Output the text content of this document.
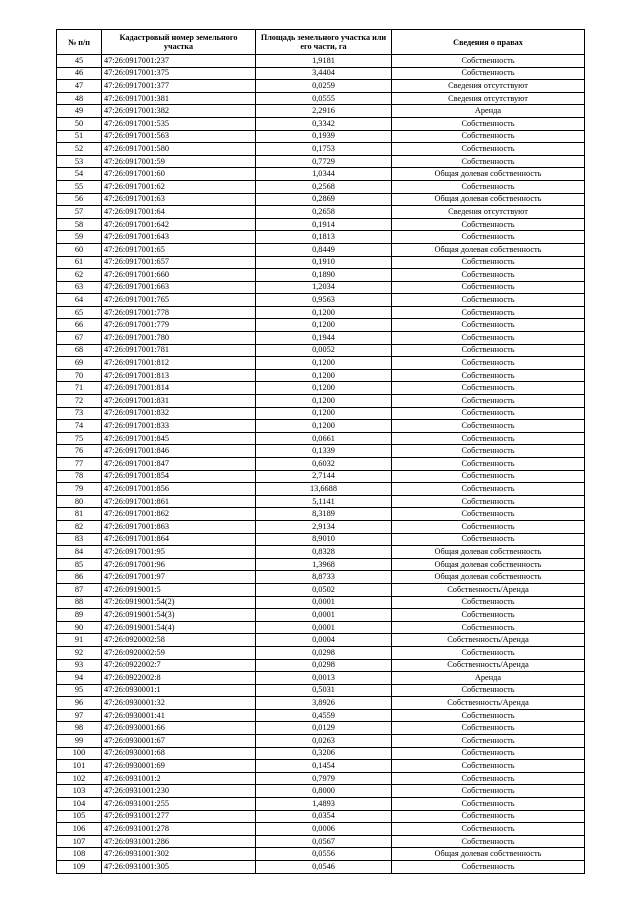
№ п/п	Кадастровый номер земельного участка	Площадь земельного участка или его части, га	Сведения о правах
45	47:26:0917001:237	1,9181	Собственность
46	47:26:0917001:375	3,4404	Собственность
47	47:26:0917001:377	0,0259	Сведения отсутствуют
48	47:26:0917001:381	0,0555	Сведения отсутствуют
49	47:26:0917001:382	2,2916	Аренда
50	47:26:0917001:535	0,3342	Собственность
51	47:26:0917001:563	0,1939	Собственность
52	47:26:0917001:580	0,1753	Собственность
53	47:26:0917001:59	0,7729	Собственность
54	47:26:0917001:60	1,0344	Общая долевая собственность
55	47:26:0917001:62	0,2568	Собственность
56	47:26:0917001:63	0,2869	Общая долевая собственность
57	47:26:0917001:64	0,2658	Сведения отсутствуют
58	47:26:0917001:642	0,1914	Собственность
59	47:26:0917001:643	0,1813	Собственность
60	47:26:0917001:65	0,8449	Общая долевая собственность
61	47:26:0917001:657	0,1910	Собственность
62	47:26:0917001:660	0,1890	Собственность
63	47:26:0917001:663	1,2034	Собственность
64	47:26:0917001:765	0,9563	Собственность
65	47:26:0917001:778	0,1200	Собственность
66	47:26:0917001:779	0,1200	Собственность
67	47:26:0917001:780	0,1944	Собственность
68	47:26:0917001:781	0,0052	Собственность
69	47:26:0917001:812	0,1200	Собственность
70	47:26:0917001:813	0,1200	Собственность
71	47:26:0917001:814	0,1200	Собственность
72	47:26:0917001:831	0,1200	Собственность
73	47:26:0917001:832	0,1200	Собственность
74	47:26:0917001:833	0,1200	Собственность
75	47:26:0917001:845	0,0661	Собственность
76	47:26:0917001:846	0,1339	Собственность
77	47:26:0917001:847	0,6032	Собственность
78	47:26:0917001:854	2,7144	Собственность
79	47:26:0917001:856	13,6688	Собственность
80	47:26:0917001:861	5,1141	Собственность
81	47:26:0917001:862	8,3189	Собственность
82	47:26:0917001:863	2,9134	Собственность
83	47:26:0917001:864	8,9010	Собственность
84	47:26:0917001:95	0,8328	Общая долевая собственность
85	47:26:0917001:96	1,3968	Общая долевая собственность
86	47:26:0917001:97	8,8733	Общая долевая собственность
87	47:26:0919001:5	0,0502	Собственность/Аренда
88	47:26:0919001:54(2)	0,0001	Собственность
89	47:26:0919001:54(3)	0,0001	Собственность
90	47:26:0919001:54(4)	0,0001	Собственность
91	47:26:0920002:58	0,0004	Собственность/Аренда
92	47:26:0920002:59	0,0298	Собственность
93	47:26:0922002:7	0,0298	Собственность/Аренда
94	47:26:0922002:8	0,0013	Аренда
95	47:26:0930001:1	0,5031	Собственность
96	47:26:0930001:32	3,8926	Собственность/Аренда
97	47:26:0930001:41	0,4559	Собственность
98	47:26:0930001:66	0,0129	Собственность
99	47:26:0930001:67	0,0263	Собственность
100	47:26:0930001:68	0,3206	Собственность
101	47:26:0930001:69	0,1454	Собственность
102	47:26:0931001:2	0,7979	Собственность
103	47:26:0931001:230	0,8000	Собственность
104	47:26:0931001:255	1,4893	Собственность
105	47:26:0931001:277	0,0354	Собственность
106	47:26:0931001:278	0,0006	Собственность
107	47:26:0931001:286	0,0567	Собственность
108	47:26:0931001:302	0,0556	Общая долевая собственность
109	47:26:0931001:305	0,0546	Собственность
